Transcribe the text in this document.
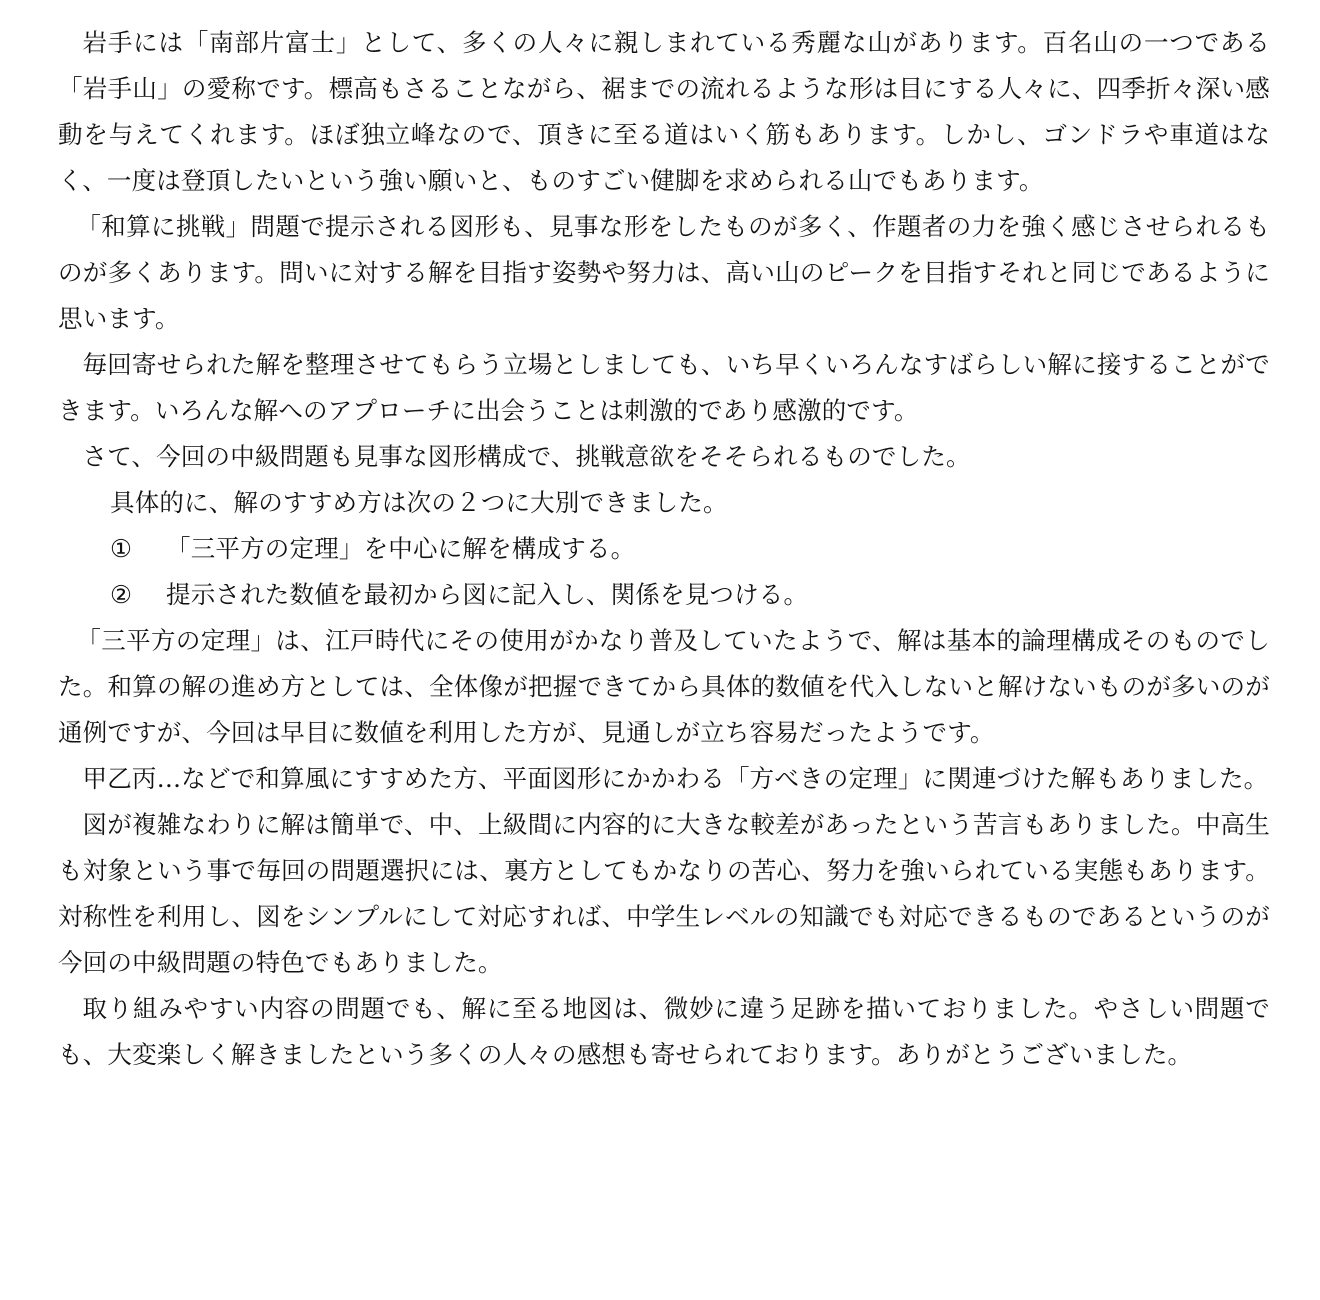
岩手には「南部片富士」として、多くの人々に親しまれている秀麗な山があります。百名山の一つである「岩手山」の愛称です。標高もさることながら、裾までの流れるような形は目にする人々に、四季折々深い感動を与えてくれます。ほぼ独立峰なので、頂きに至る道はいく筋もあります。しかし、ゴンドラや車道はなく、一度は登頂したいという強い願いと、ものすごい健脚を求められる山でもあります。

「和算に挑戦」問題で提示される図形も、見事な形をしたものが多く、作題者の力を強く感じさせられるものが多くあります。問いに対する解を目指す姿勢や努力は、高い山のピークを目指すそれと同じであるように思います。

毎回寄せられた解を整理させてもらう立場としましても、いち早くいろんなすばらしい解に接することができます。いろんな解へのアプローチに出会うことは刺激的であり感激的です。

さて、今回の中級問題も見事な図形構成で、挑戦意欲をそそられるものでした。

具体的に、解のすすめ方は次の２つに大別できました。

①	「三平方の定理」を中心に解を構成する。
②	提示された数値を最初から図に記入し、関係を見つける。

「三平方の定理」は、江戸時代にその使用がかなり普及していたようで、解は基本的論理構成そのものでした。和算の解の進め方としては、全体像が把握できてから具体的数値を代入しないと解けないものが多いのが通例ですが、今回は早目に数値を利用した方が、見通しが立ち容易だったようです。

甲乙丙…などで和算風にすすめた方、平面図形にかかわる「方べきの定理」に関連づけた解もありました。

図が複雑なわりに解は簡単で、中、上級間に内容的に大きな較差があったという苦言もありました。中高生も対象という事で毎回の問題選択には、裏方としてもかなりの苦心、努力を強いられている実態もあります。対称性を利用し、図をシンプルにして対応すれば、中学生レベルの知識でも対応できるものであるというのが今回の中級問題の特色でもありました。

取り組みやすい内容の問題でも、解に至る地図は、微妙に違う足跡を描いておりました。やさしい問題でも、大変楽しく解きましたという多くの人々の感想も寄せられております。ありがとうございました。
